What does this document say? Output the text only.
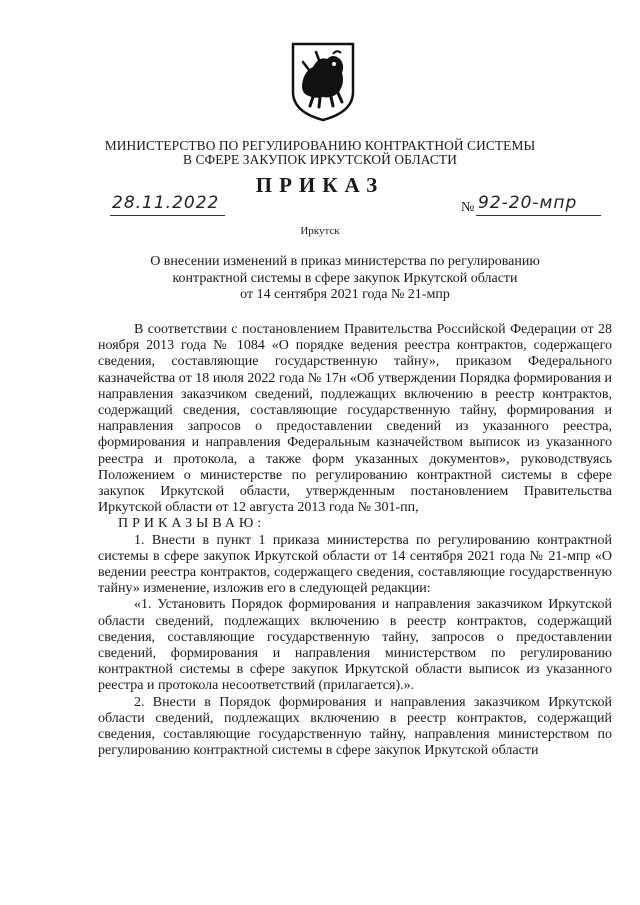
МИНИСТЕРСТВО ПО РЕГУЛИРОВАНИЮ КОНТРАКТНОЙ СИСТЕМЫ
В СФЕРЕ ЗАКУПОК ИРКУТСКОЙ ОБЛАСТИ
ПРИКАЗ
28.11.2022	№ 92-20-мпр
Иркутск
О внесении изменений в приказ министерства по регулированию
контрактной системы в сфере закупок Иркутской области
от 14 сентября 2021 года № 21-мпр

В соответствии с постановлением Правительства Российской Федерации от 28 ноября 2013 года № 1084 «О порядке ведения реестра контрактов, содержащего сведения, составляющие государственную тайну», приказом Федерального казначейства от 18 июля 2022 года № 17н «Об утверждении Порядка формирования и направления заказчиком сведений, подлежащих включению в реестр контрактов, содержащий сведения, составляющие государственную тайну, формирования и направления запросов о предоставлении сведений из указанного реестра, формирования и направления Федеральным казначейством выписок из указанного реестра и протокола, а также форм указанных документов», руководствуясь Положением о министерстве по регулированию контрактной системы в сфере закупок Иркутской области, утвержденным постановлением Правительства Иркутской области от 12 августа 2013 года № 301-пп,

ПРИКАЗЫВАЮ:

1. Внести в пункт 1 приказа министерства по регулированию контрактной системы в сфере закупок Иркутской области от 14 сентября 2021 года № 21-мпр «О ведении реестра контрактов, содержащего сведения, составляющие государственную тайну» изменение, изложив его в следующей редакции:

«1. Установить Порядок формирования и направления заказчиком Иркутской области сведений, подлежащих включению в реестр контрактов, содержащий сведения, составляющие государственную тайну, запросов о предоставлении сведений, формирования и направления министерством по регулированию контрактной системы в сфере закупок Иркутской области выписок из указанного реестра и протокола несоответствий (прилагается).».

2. Внести в Порядок формирования и направления заказчиком Иркутской области сведений, подлежащих включению в реестр контрактов, содержащий сведения, составляющие государственную тайну, направления министерством по регулированию контрактной системы в сфере закупок Иркутской области
